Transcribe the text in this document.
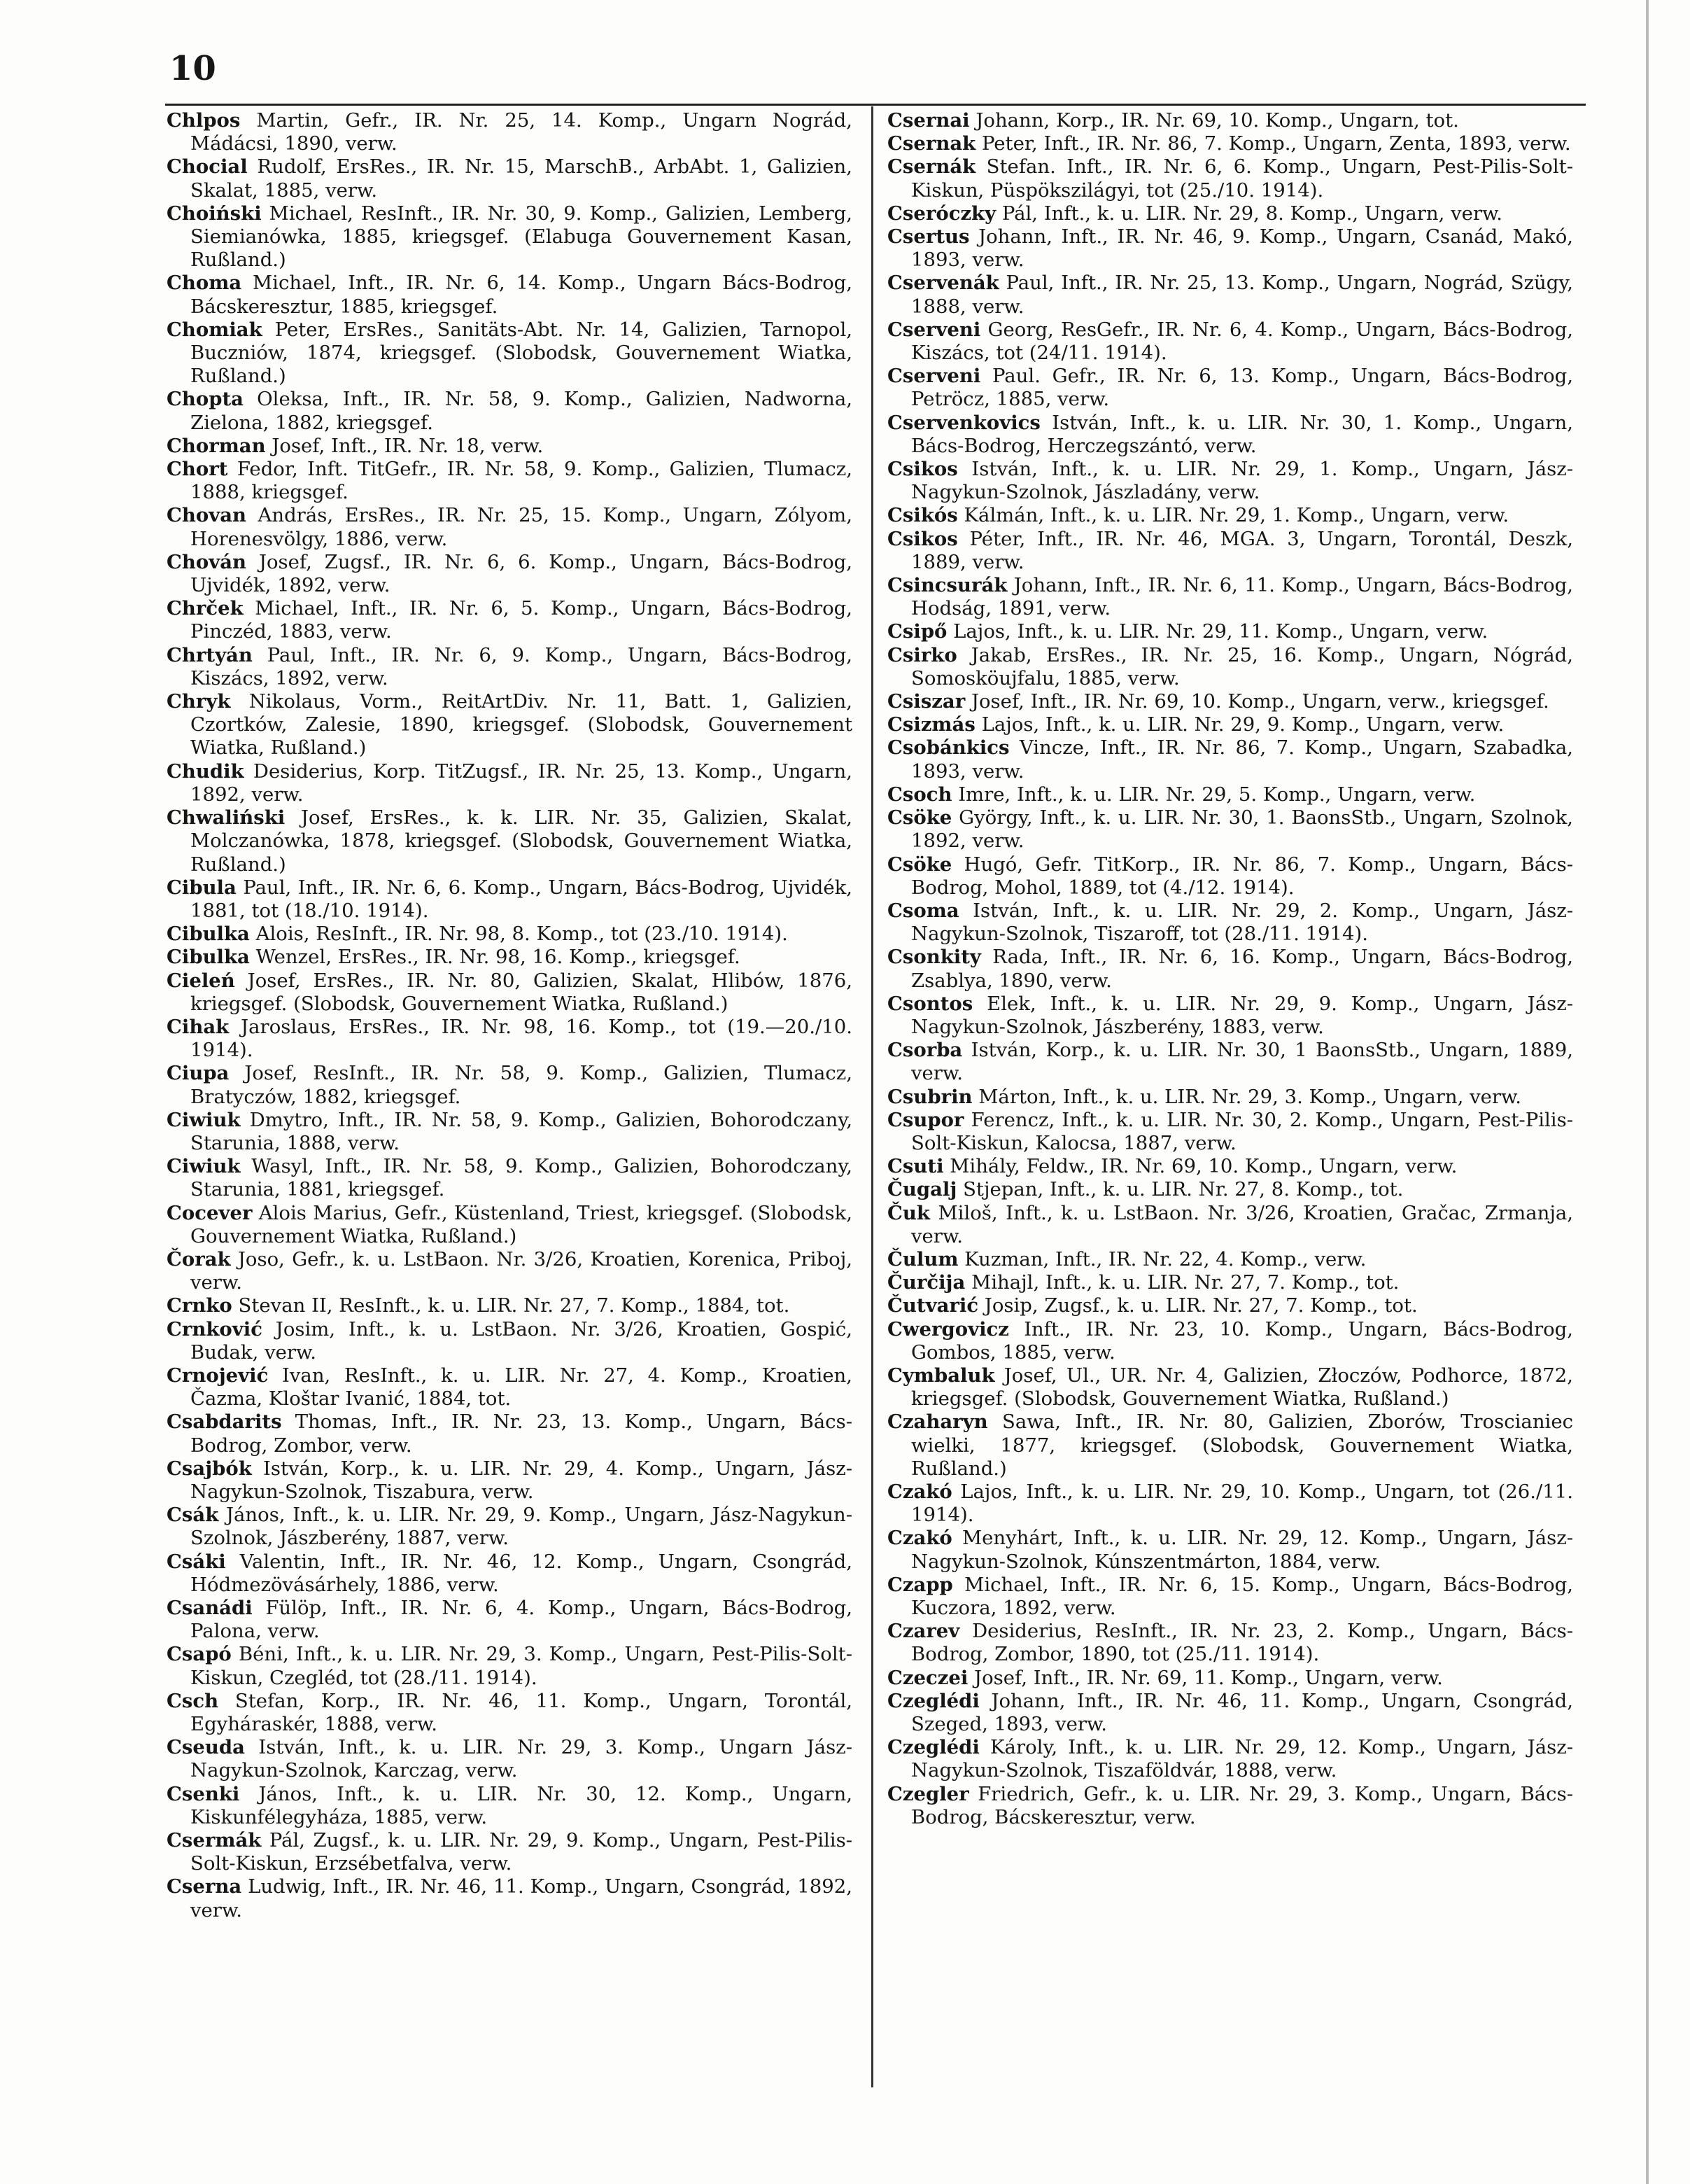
10

Chlpos Martin, Gefr., IR. Nr. 25, 14. Komp., Ungarn Nográd, Mádácsi, 1890, verw.

Chocial Rudolf, ErsRes., IR. Nr. 15, MarschB., ArbAbt. 1, Galizien, Skalat, 1885, verw.

Choiński Michael, ResInft., IR. Nr. 30, 9. Komp., Galizien, Lemberg, Siemianówka, 1885, kriegsgef. (Elabuga Gouvernement Kasan, Rußland.)

Choma Michael, Inft., IR. Nr. 6, 14. Komp., Ungarn Bács-Bodrog, Bácskeresztur, 1885, kriegsgef.

Chomiak Peter, ErsRes., Sanitäts-Abt. Nr. 14, Galizien, Tarnopol, Buczniów, 1874, kriegsgef. (Slobodsk, Gouvernement Wiatka, Rußland.)

Chopta Oleksa, Inft., IR. Nr. 58, 9. Komp., Galizien, Nadworna, Zielona, 1882, kriegsgef.

Chorman Josef, Inft., IR. Nr. 18, verw.

Chort Fedor, Inft. TitGefr., IR. Nr. 58, 9. Komp., Galizien, Tlumacz, 1888, kriegsgef.

Chovan András, ErsRes., IR. Nr. 25, 15. Komp., Ungarn, Zólyom, Horenesvölgy, 1886, verw.

Chován Josef, Zugsf., IR. Nr. 6, 6. Komp., Ungarn, Bács-Bodrog, Ujvidék, 1892, verw.

Chrček Michael, Inft., IR. Nr. 6, 5. Komp., Ungarn, Bács-Bodrog, Pinczéd, 1883, verw.

Chrtyán Paul, Inft., IR. Nr. 6, 9. Komp., Ungarn, Bács-Bodrog, Kiszács, 1892, verw.

Chryk Nikolaus, Vorm., ReitArtDiv. Nr. 11, Batt. 1, Galizien, Czortków, Zalesie, 1890, kriegsgef. (Slobodsk, Gouvernement Wiatka, Rußland.)

Chudik Desiderius, Korp. TitZugsf., IR. Nr. 25, 13. Komp., Ungarn, 1892, verw.

Chwaliński Josef, ErsRes., k. k. LIR. Nr. 35, Galizien, Skalat, Molczanówka, 1878, kriegsgef. (Slobodsk, Gouvernement Wiatka, Rußland.)

Cibula Paul, Inft., IR. Nr. 6, 6. Komp., Ungarn, Bács-Bodrog, Ujvidék, 1881, tot (18./10. 1914).

Cibulka Alois, ResInft., IR. Nr. 98, 8. Komp., tot (23./10. 1914).

Cibulka Wenzel, ErsRes., IR. Nr. 98, 16. Komp., kriegsgef.

Cieleń Josef, ErsRes., IR. Nr. 80, Galizien, Skalat, Hlibów, 1876, kriegsgef. (Slobodsk, Gouvernement Wiatka, Rußland.)

Cihak Jaroslaus, ErsRes., IR. Nr. 98, 16. Komp., tot (19.—20./10. 1914).

Ciupa Josef, ResInft., IR. Nr. 58, 9. Komp., Galizien, Tlumacz, Bratyczów, 1882, kriegsgef.

Ciwiuk Dmytro, Inft., IR. Nr. 58, 9. Komp., Galizien, Bohorodczany, Starunia, 1888, verw.

Ciwiuk Wasyl, Inft., IR. Nr. 58, 9. Komp., Galizien, Bohorodczany, Starunia, 1881, kriegsgef.

Cocever Alois Marius, Gefr., Küstenland, Triest, kriegsgef. (Slobodsk, Gouvernement Wiatka, Rußland.)

Čorak Joso, Gefr., k. u. LstBaon. Nr. 3/26, Kroatien, Korenica, Priboj, verw.

Crnko Stevan II, ResInft., k. u. LIR. Nr. 27, 7. Komp., 1884, tot.

Crnković Josim, Inft., k. u. LstBaon. Nr. 3/26, Kroatien, Gospić, Budak, verw.

Crnojević Ivan, ResInft., k. u. LIR. Nr. 27, 4. Komp., Kroatien, Čazma, Kloštar Ivanić, 1884, tot.

Csabdarits Thomas, Inft., IR. Nr. 23, 13. Komp., Ungarn, Bács-Bodrog, Zombor, verw.

Csajbók István, Korp., k. u. LIR. Nr. 29, 4. Komp., Ungarn, Jász-Nagykun-Szolnok, Tiszabura, verw.

Csák János, Inft., k. u. LIR. Nr. 29, 9. Komp., Ungarn, Jász-Nagykun-Szolnok, Jászberény, 1887, verw.

Csáki Valentin, Inft., IR. Nr. 46, 12. Komp., Ungarn, Csongrád, Hódmezövásárhely, 1886, verw.

Csanádi Fülöp, Inft., IR. Nr. 6, 4. Komp., Ungarn, Bács-Bodrog, Palona, verw.

Csapó Béni, Inft., k. u. LIR. Nr. 29, 3. Komp., Ungarn, Pest-Pilis-Solt-Kiskun, Czegléd, tot (28./11. 1914).

Csch Stefan, Korp., IR. Nr. 46, 11. Komp., Ungarn, Torontál, Egyháraskér, 1888, verw.

Cseuda István, Inft., k. u. LIR. Nr. 29, 3. Komp., Ungarn Jász-Nagykun-Szolnok, Karczag, verw.

Csenki János, Inft., k. u. LIR. Nr. 30, 12. Komp., Ungarn, Kiskunfélegyháza, 1885, verw.

Csermák Pál, Zugsf., k. u. LIR. Nr. 29, 9. Komp., Ungarn, Pest-Pilis-Solt-Kiskun, Erzsébetfalva, verw.

Cserna Ludwig, Inft., IR. Nr. 46, 11. Komp., Ungarn, Csongrád, 1892, verw.

Csernai Johann, Korp., IR. Nr. 69, 10. Komp., Ungarn, tot.

Csernak Peter, Inft., IR. Nr. 86, 7. Komp., Ungarn, Zenta, 1893, verw.

Csernák Stefan. Inft., IR. Nr. 6, 6. Komp., Ungarn, Pest-Pilis-Solt-Kiskun, Püspökszilágyi, tot (25./10. 1914).

Cseróczky Pál, Inft., k. u. LIR. Nr. 29, 8. Komp., Ungarn, verw.

Csertus Johann, Inft., IR. Nr. 46, 9. Komp., Ungarn, Csanád, Makó, 1893, verw.

Cservenák Paul, Inft., IR. Nr. 25, 13. Komp., Ungarn, Nográd, Szügy, 1888, verw.

Cserveni Georg, ResGefr., IR. Nr. 6, 4. Komp., Ungarn, Bács-Bodrog, Kiszács, tot (24/11. 1914).

Cserveni Paul. Gefr., IR. Nr. 6, 13. Komp., Ungarn, Bács-Bodrog, Petröcz, 1885, verw.

Cservenkovics István, Inft., k. u. LIR. Nr. 30, 1. Komp., Ungarn, Bács-Bodrog, Herczegszántó, verw.

Csikos István, Inft., k. u. LIR. Nr. 29, 1. Komp., Ungarn, Jász-Nagykun-Szolnok, Jászladány, verw.

Csikós Kálmán, Inft., k. u. LIR. Nr. 29, 1. Komp., Ungarn, verw.

Csikos Péter, Inft., IR. Nr. 46, MGA. 3, Ungarn, Torontál, Deszk, 1889, verw.

Csincsurák Johann, Inft., IR. Nr. 6, 11. Komp., Ungarn, Bács-Bodrog, Hodság, 1891, verw.

Csipő Lajos, Inft., k. u. LIR. Nr. 29, 11. Komp., Ungarn, verw.

Csirko Jakab, ErsRes., IR. Nr. 25, 16. Komp., Ungarn, Nógrád, Somosköujfalu, 1885, verw.

Csiszar Josef, Inft., IR. Nr. 69, 10. Komp., Ungarn, verw., kriegsgef.

Csizmás Lajos, Inft., k. u. LIR. Nr. 29, 9. Komp., Ungarn, verw.

Csobánkics Vincze, Inft., IR. Nr. 86, 7. Komp., Ungarn, Szabadka, 1893, verw.

Csoch Imre, Inft., k. u. LIR. Nr. 29, 5. Komp., Ungarn, verw.

Csöke György, Inft., k. u. LIR. Nr. 30, 1. BaonsStb., Ungarn, Szolnok, 1892, verw.

Csöke Hugó, Gefr. TitKorp., IR. Nr. 86, 7. Komp., Ungarn, Bács-Bodrog, Mohol, 1889, tot (4./12. 1914).

Csoma István, Inft., k. u. LIR. Nr. 29, 2. Komp., Ungarn, Jász-Nagykun-Szolnok, Tiszaroff, tot (28./11. 1914).

Csonkity Rada, Inft., IR. Nr. 6, 16. Komp., Ungarn, Bács-Bodrog, Zsablya, 1890, verw.

Csontos Elek, Inft., k. u. LIR. Nr. 29, 9. Komp., Ungarn, Jász-Nagykun-Szolnok, Jászberény, 1883, verw.

Csorba István, Korp., k. u. LIR. Nr. 30, 1 BaonsStb., Ungarn, 1889, verw.

Csubrin Márton, Inft., k. u. LIR. Nr. 29, 3. Komp., Ungarn, verw.

Csupor Ferencz, Inft., k. u. LIR. Nr. 30, 2. Komp., Ungarn, Pest-Pilis-Solt-Kiskun, Kalocsa, 1887, verw.

Csuti Mihály, Feldw., IR. Nr. 69, 10. Komp., Ungarn, verw.

Čugalj Stjepan, Inft., k. u. LIR. Nr. 27, 8. Komp., tot.

Čuk Miloš, Inft., k. u. LstBaon. Nr. 3/26, Kroatien, Gračac, Zrmanja, verw.

Čulum Kuzman, Inft., IR. Nr. 22, 4. Komp., verw.

Čurčija Mihajl, Inft., k. u. LIR. Nr. 27, 7. Komp., tot.

Čutvarić Josip, Zugsf., k. u. LIR. Nr. 27, 7. Komp., tot.

Cwergovicz Inft., IR. Nr. 23, 10. Komp., Ungarn, Bács-Bodrog, Gombos, 1885, verw.

Cymbaluk Josef, Ul., UR. Nr. 4, Galizien, Złoczów, Podhorce, 1872, kriegsgef. (Slobodsk, Gouvernement Wiatka, Rußland.)

Czaharyn Sawa, Inft., IR. Nr. 80, Galizien, Zborów, Troscianiec wielki, 1877, kriegsgef. (Slobodsk, Gouvernement Wiatka, Rußland.)

Czakó Lajos, Inft., k. u. LIR. Nr. 29, 10. Komp., Ungarn, tot (26./11. 1914).

Czakó Menyhárt, Inft., k. u. LIR. Nr. 29, 12. Komp., Ungarn, Jász-Nagykun-Szolnok, Kúnszentmárton, 1884, verw.

Czapp Michael, Inft., IR. Nr. 6, 15. Komp., Ungarn, Bács-Bodrog, Kuczora, 1892, verw.

Czarev Desiderius, ResInft., IR. Nr. 23, 2. Komp., Ungarn, Bács-Bodrog, Zombor, 1890, tot (25./11. 1914).

Czeczei Josef, Inft., IR. Nr. 69, 11. Komp., Ungarn, verw.

Czeglédi Johann, Inft., IR. Nr. 46, 11. Komp., Ungarn, Csongrád, Szeged, 1893, verw.

Czeglédi Károly, Inft., k. u. LIR. Nr. 29, 12. Komp., Ungarn, Jász-Nagykun-Szolnok, Tiszaföldvár, 1888, verw.

Czegler Friedrich, Gefr., k. u. LIR. Nr. 29, 3. Komp., Ungarn, Bács-Bodrog, Bácskeresztur, verw.
